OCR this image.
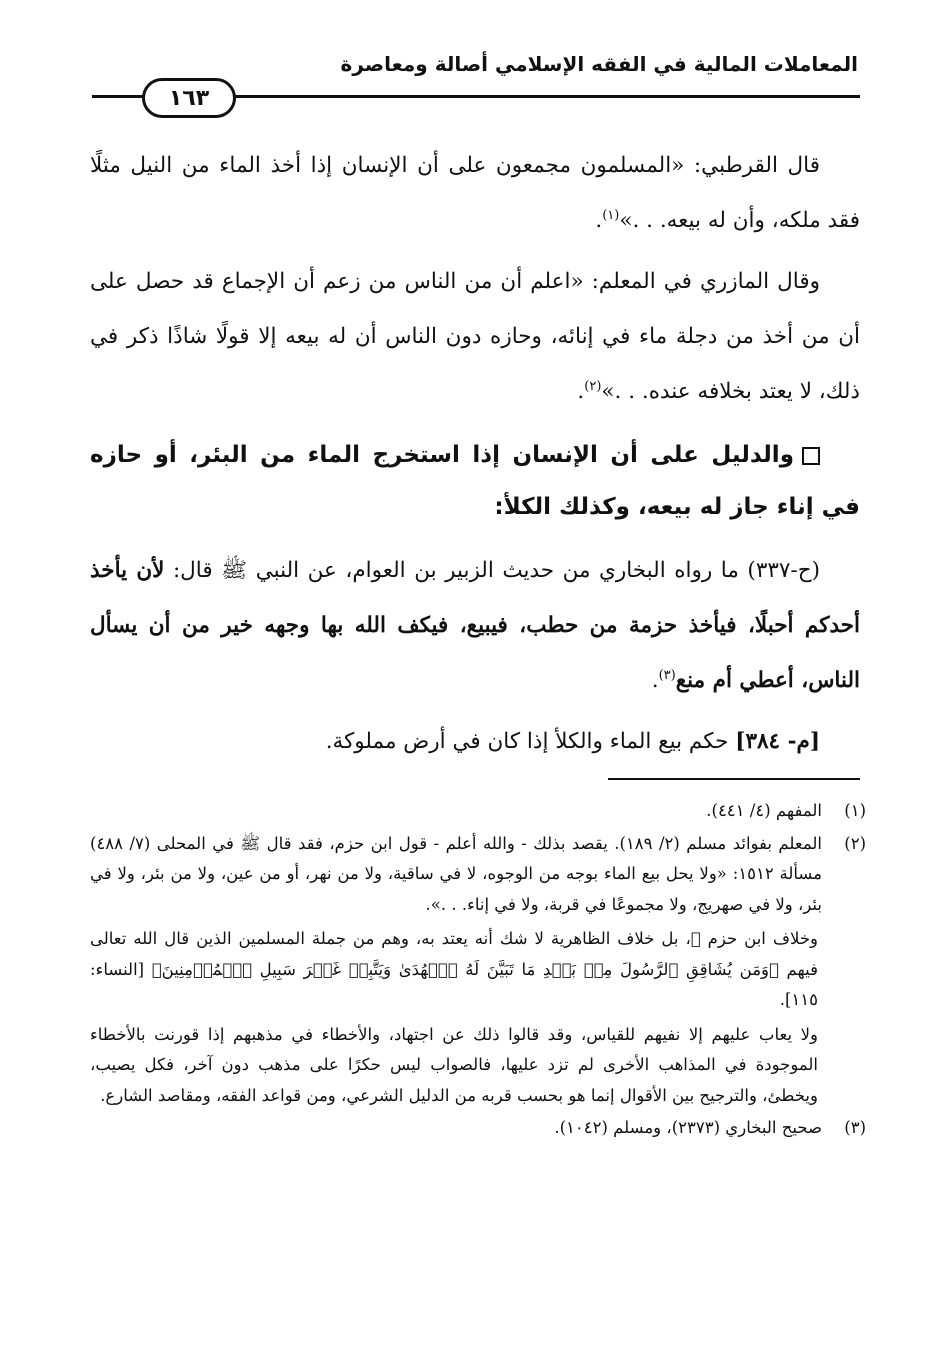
المعاملات المالية في الفقه الإسلامي أصالة ومعاصرة
١٦٣

قال القرطبي: «المسلمون مجمعون على أن الإنسان إذا أخذ الماء من النيل مثلًا فقد ملكه، وأن له بيعه. . .»$^{(١)}$.

وقال المازري في المعلم: «اعلم أن من الناس من زعم أن الإجماع قد حصل على أن من أخذ من دجلة ماء في إنائه، وحازه دون الناس أن له بيعه إلا قولًا شاذًا ذكر في ذلك، لا يعتد بخلافه عنده. . .»$^{(٢)}$.

والدليل على أن الإنسان إذا استخرج الماء من البئر، أو حازه في إناء جاز له بيعه، وكذلك الكلأ:

(ح-٣٣٧) ما رواه البخاري من حديث الزبير بن العوام، عن النبي ﷺ قال: لأن يأخذ أحدكم أحبلًا، فيأخذ حزمة من حطب، فيبيع، فيكف الله بها وجهه خير من أن يسأل الناس، أعطي أم منع$^{(٣)}$.

[م- ٣٨٤] حكم بيع الماء والكلأ إذا كان في أرض مملوكة.

(١)
المفهم (٤/ ٤٤١).
(٢)
المعلم بفوائد مسلم (٢/ ١٨٩). يقصد بذلك - والله أعلم - قول ابن حزم، فقد قال ﷺ في المحلى (٧/ ٤٨٨) مسألة ١٥١٢: «ولا يحل بيع الماء بوجه من الوجوه، لا في ساقية، ولا من نهر، أو من عين، ولا من بئر، ولا في بئر، ولا في صهريج، ولا مجموعًا في قربة، ولا في إناء. . .».
وخلاف ابن حزم ﷺ، بل خلاف الظاهرية لا شك أنه يعتد به، وهم من جملة المسلمين الذين قال الله تعالى فيهم ﴿وَمَن يُشَاقِقِ ٱلرَّسُولَ مِنۢ بَعۡدِ مَا تَبَيَّنَ لَهُ ٱلۡهُدَىٰ وَيَتَّبِعۡ غَيۡرَ سَبِيلِ ٱلۡمُؤۡمِنِينَ﴾ [النساء: ١١٥].
ولا يعاب عليهم إلا نفيهم للقياس، وقد قالوا ذلك عن اجتهاد، والأخطاء في مذهبهم إذا قورنت بالأخطاء الموجودة في المذاهب الأخرى لم تزد عليها، فالصواب ليس حكرًا على مذهب دون آخر، فكل يصيب، ويخطئ، والترجيح بين الأقوال إنما هو بحسب قربه من الدليل الشرعي، ومن قواعد الفقه، ومقاصد الشارع.
(٣)
صحيح البخاري (٢٣٧٣)، ومسلم (١٠٤٢).
